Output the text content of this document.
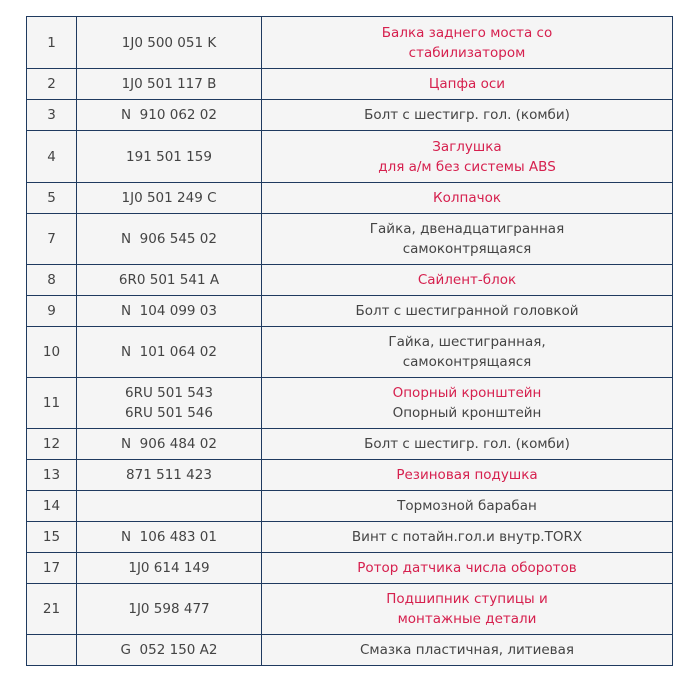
1	1J0 500 051 K	Балка заднего моста со
стабилизатором

2	1J0 501 117 B	Цапфа оси

3	N  910 062 02	Болт с шестигр. гол. (комби)

4	191 501 159	Заглушка
для а/м без системы ABS

5	1J0 501 249 C	Колпачок

7	N  906 545 02	Гайка, двенадцатигранная
самоконтрящаяся

8	6R0 501 541 A	Сайлент-блок

9	N  104 099 03	Болт с шестигранной головкой

10	N  101 064 02	Гайка, шестигранная,
самоконтрящаяся

11	6RU 501 543
6RU 501 546	Опорный кронштейн
Опорный кронштейн

12	N  906 484 02	Болт с шестигр. гол. (комби)

13	871 511 423	Резиновая подушка

14		Тормозной барабан

15	N  106 483 01	Винт с потайн.гол.и внутр.TORX

17	1J0 614 149	Ротор датчика числа оборотов

21	1J0 598 477	Подшипник ступицы и
монтажные детали

	G  052 150 A2	Смазка пластичная, литиевая
